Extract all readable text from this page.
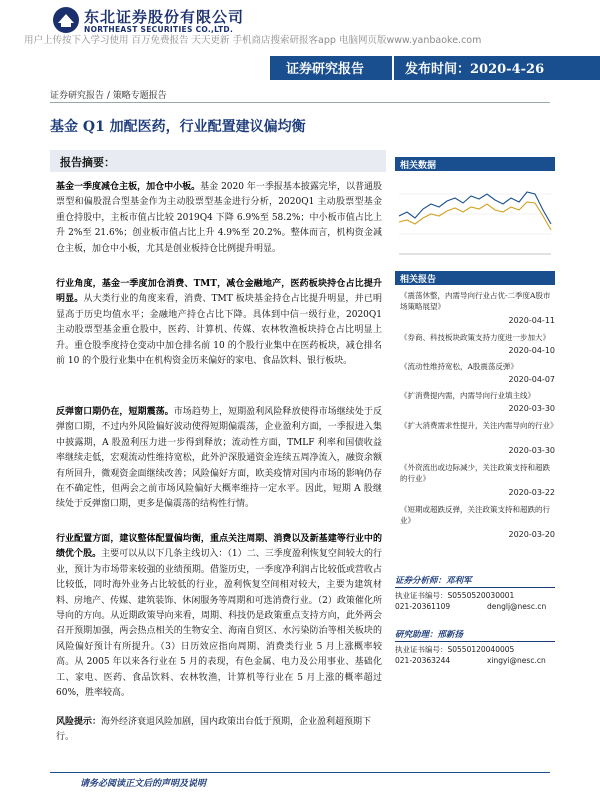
东北证券股份有限公司
NORTHEAST SECURITIES CO.,LTD.
用户上传按下入学习使用 百万免费报告 天天更新 手机商店搜索研报客app 电脑网页版www.yanbaoke.com
证券研究报告	发布时间：2020-4-26
证券研究报告 / 策略专题报告
基金 Q1 加配医药，行业配置建议偏均衡
报告摘要：
基金一季度减仓主板，加仓中小板。基金 2020 年一季报基本披露完毕，以普通股票型和偏股混合型基金作为主动股票型基金进行分析，2020Q1 主动股票型基金重仓持股中，主板市值占比较 2019Q4 下降 6.9%至 58.2%；中小板市值占比上升 2%至 21.6%；创业板市值占比上升 4.9%至 20.2%。整体而言，机构资金减仓主板，加仓中小板，尤其是创业板持仓比例提升明显。
行业角度，基金一季度加仓消费、TMT，减仓金融地产，医药板块持仓占比提升明显。从大类行业的角度来看，消费、TMT 板块基金持仓占比提升明显，并已明显高于历史均值水平；金融地产持仓占比下降。具体到中信一级行业，2020Q1 主动股票型基金重仓股中，医药、计算机、传媒、农林牧渔板块持仓占比明显上升。重仓股季度持仓变动中加仓排名前 10 的个股行业集中在医药板块，减仓排名前 10 的个股行业集中在机构资金历来偏好的家电、食品饮料、银行板块。
反弹窗口期仍在，短期震荡。市场趋势上，短期盈利风险释放使得市场继续处于反弹窗口期，不过内外风险偏好波动使得短期偏震荡，企业盈利方面，一季报进入集中披露期，A 股盈利压力进一步得到释放；流动性方面，TMLF 利率和国债收益率继续走低，宏观流动性维持宽松，此外沪深股通资金连续五周净流入，融资余额有所回升，微观资金面继续改善；风险偏好方面，欧美疫情对国内市场的影响仍存在不确定性，但两会之前市场风险偏好大概率维持一定水平。因此，短期 A 股继续处于反弹窗口期，更多是偏震荡的结构性行情。
行业配置方面，建议整体配置偏均衡，重点关注周期、消费以及新基建等行业中的绩优个股。主要可以从以下几条主线切入：（1）二、三季度盈利恢复空间较大的行业，预计为市场带来较强的业绩预期。借鉴历史，一季度净利润占比较低或营收占比较低，同时海外业务占比较低的行业，盈利恢复空间相对较大，主要为建筑材料、房地产、传媒、建筑装饰、休闲服务等周期和可选消费行业。（2）政策催化所导向的方向。从近期政策导向来看，周期、科技仍是政策重点支持方向，此外两会召开预期加强，两会热点相关的生物安全、海南自贸区、水污染防治等相关板块的风险偏好预计有所提升。（3）日历效应指向周期、消费类行业 5 月上涨概率较高。从 2005 年以来各行业在 5 月的表现，有色金属、电力及公用事业、基础化工、家电、医药、食品饮料、农林牧渔，计算机等行业在 5 月上涨的概率超过 60%，胜率较高。
风险提示：海外经济衰退风险加剧，国内政策出台低于预期，企业盈利超预期下行。
相关数据
相关报告
《震荡休整，内需导向行业占优-二季度A股市场策略展望》
2020-04-11
《券商、科技板块政策支持力度进一步加大》
2020-04-10
《流动性维持宽松，A股震荡反弹》
2020-04-07
《扩消费提内需，内需导向行业填主线》
2020-03-30
《扩大消费需求性提升，关注内需导向的行业》
2020-03-30
《外资流出或边际减少，关注政策支持和超跌的行业》
2020-03-22
《短期或超跌反弹，关注政策支持和超跌的行业》
2020-03-20
证券分析师：邓利军
执业证书编号：S0550520030001
021-20361109	denglj@nesc.cn
研究助理：邢新扬
执业证书编号：S0550120040005
021-20363244	xingyi@nesc.cn
请务必阅读正文后的声明及说明
